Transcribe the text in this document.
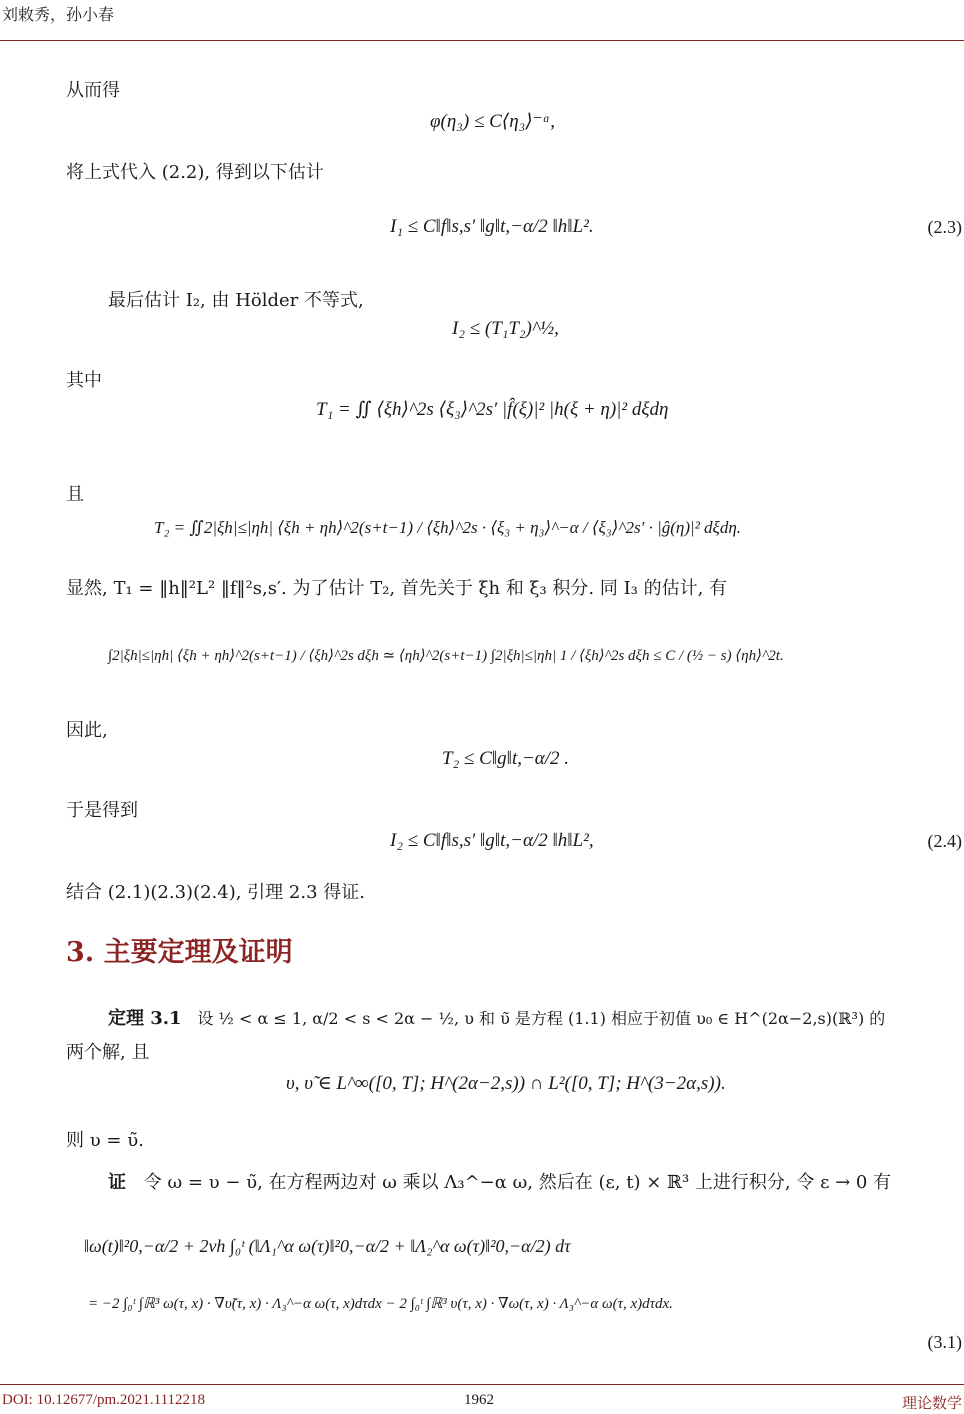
刘敕秀，孙小春
从而得
φ(η₃) ≤ C⟨η₃⟩⁻ᵅ,
将上式代入 (2.2), 得到以下估计
I₁ ≤ C‖f‖s,s′ ‖g‖t,−α/2 ‖h‖L².	(2.3)
最后估计 I₂, 由 Hölder 不等式,
I₂ ≤ (T₁T₂)^½,
其中
T₁ = ∬ ⟨ξh⟩^2s ⟨ξ₃⟩^2s′ |f̂(ξ)|² |h(ξ + η)|² dξdη
且
T₂ = ∬2|ξh|≤|ηh| ⟨ξh + ηh⟩^2(s+t−1) / ⟨ξh⟩^2s · ⟨ξ₃ + η₃⟩^−α / ⟨ξ₃⟩^2s′ · |ĝ(η)|² dξdη.
显然, T₁ = ‖h‖²L² ‖f‖²s,s′. 为了估计 T₂, 首先关于 ξh 和 ξ₃ 积分. 同 I₃ 的估计, 有
∫2|ξh|≤|ηh| ⟨ξh + ηh⟩^2(s+t−1) / ⟨ξh⟩^2s dξh ≃ ⟨ηh⟩^2(s+t−1) ∫2|ξh|≤|ηh| 1 / ⟨ξh⟩^2s dξh ≤ C / (½ − s) ⟨ηh⟩^2t.
因此,
T₂ ≤ C‖g‖t,−α/2 .
于是得到
I₂ ≤ C‖f‖s,s′ ‖g‖t,−α/2 ‖h‖L²,	(2.4)
结合 (2.1)(2.3)(2.4), 引理 2.3 得证.
3. 主要定理及证明
定理 3.1 设 ½ < α ≤ 1, α/2 < s < 2α − ½, υ 和 υ̃ 是方程 (1.1) 相应于初值 υ₀ ∈ H^(2α−2,s)(ℝ³) 的
两个解, 且
υ, υ̃ ∈ L^∞([0, T]; H^(2α−2,s)) ∩ L²([0, T]; H^(3−2α,s)).
则 υ = υ̃.
证 令 ω = υ − υ̃, 在方程两边对 ω 乘以 Λ₃^−α ω, 然后在 (ε, t) × ℝ³ 上进行积分, 令 ε → 0 有
‖ω(t)‖²0,−α/2 + 2νh ∫₀ᵗ (‖Λ₁^α ω(τ)‖²0,−α/2 + ‖Λ₂^α ω(τ)‖²0,−α/2) dτ
= −2 ∫₀ᵗ ∫ℝ³ ω(τ, x) · ∇υ̃(τ, x) · Λ₃^−α ω(τ, x)dτdx − 2 ∫₀ᵗ ∫ℝ³ υ(τ, x) · ∇ω(τ, x) · Λ₃^−α ω(τ, x)dτdx.
(3.1)
DOI: 10.12677/pm.2021.1112218	1962	理论数学
